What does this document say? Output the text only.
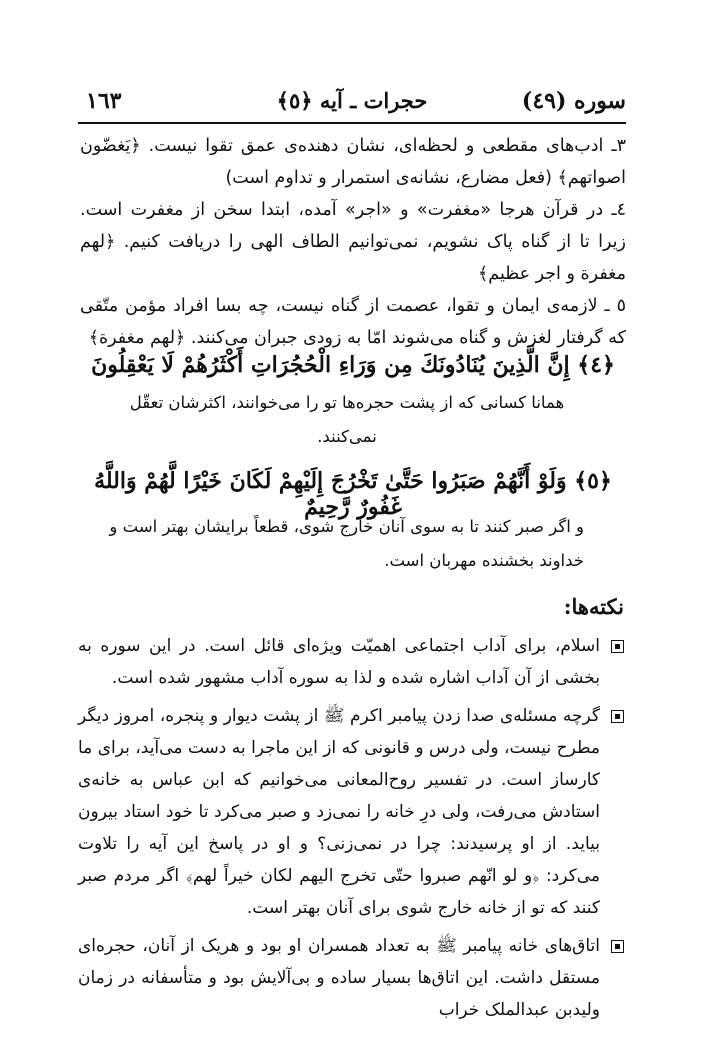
سوره (٤٩)
حجرات ـ آیه ﴿٥﴾
١٦٣

٣ـ ادب‌های مقطعی و لحظه‌ای، نشان دهنده‌ی عمق تقوا نیست. ﴿یَغضّون اصواتهم﴾ (فعل مضارع، نشانه‌ی استمرار و تداوم است)

٤ـ در قرآن هرجا «مغفرت» و «اجر» آمده، ابتدا سخن از مغفرت است. زیرا تا از گناه پاک نشویم، نمی‌توانیم الطاف الهی را دریافت کنیم. ﴿لهم مغفرة و اجر عظیم﴾

٥ ـ لازمه‌ی ایمان و تقوا، عصمت از گناه نیست، چه بسا افراد مؤمن متّقی که گرفتار لغزش و گناه می‌شوند امّا به زودی جبران می‌کنند. ﴿لهم مغفرة﴾

﴿٤﴾ إِنَّ الَّذِينَ يُنَادُونَكَ مِن وَرَاءِ الْحُجُرَاتِ أَكْثَرُهُمْ لَا يَعْقِلُونَ
همانا کسانی که از پشت حجره‌ها تو را می‌خوانند، اکثرشان تعقّل نمی‌کنند.
﴿٥﴾ وَلَوْ أَنَّهُمْ صَبَرُوا حَتَّىٰ تَخْرُجَ إِلَيْهِمْ لَكَانَ خَيْرًا لَّهُمْ وَاللَّهُ غَفُورٌ رَّحِيمٌ
و اگر صبر کنند تا به سوی آنان خارج شوی، قطعاً برایشان بهتر است و
خداوند بخشنده مهربان است.
نکته‌ها:
اسلام، برای آداب اجتماعی اهمیّت ویژه‌ای قائل است. در این سوره به بخشی از آن آداب اشاره شده و لذا به سوره آداب مشهور شده است.
گرچه مسئله‌ی صدا زدن پیامبر اکرم ﷺ از پشت دیوار و پنجره، امروز دیگر مطرح نیست، ولی درس و قانونی که از این ماجرا به دست می‌آید، برای ما کارساز است. در تفسیر روح‌المعانی می‌خوانیم که ابن عباس به خانه‌ی استادش می‌رفت، ولی درِ خانه را نمی‌زد و صبر می‌کرد تا خود استاد بیرون بیاید. از او پرسیدند: چرا در نمی‌زنی؟ و او در پاسخ این آیه را تلاوت می‌کرد: ﴿و لو انّهم صبروا حتّی تخرج الیهم لکان خیراً لهم﴾ اگر مردم صبر کنند که تو از خانه خارج شوی برای آنان بهتر است.
اتاق‌های خانه پیامبر ﷺ به تعداد همسران او بود و هریک از آنان، حجره‌ای مستقل داشت. این اتاق‌ها بسیار ساده و بی‌آلایش بود و متأسفانه در زمان ولیدبن عبدالملک خراب
